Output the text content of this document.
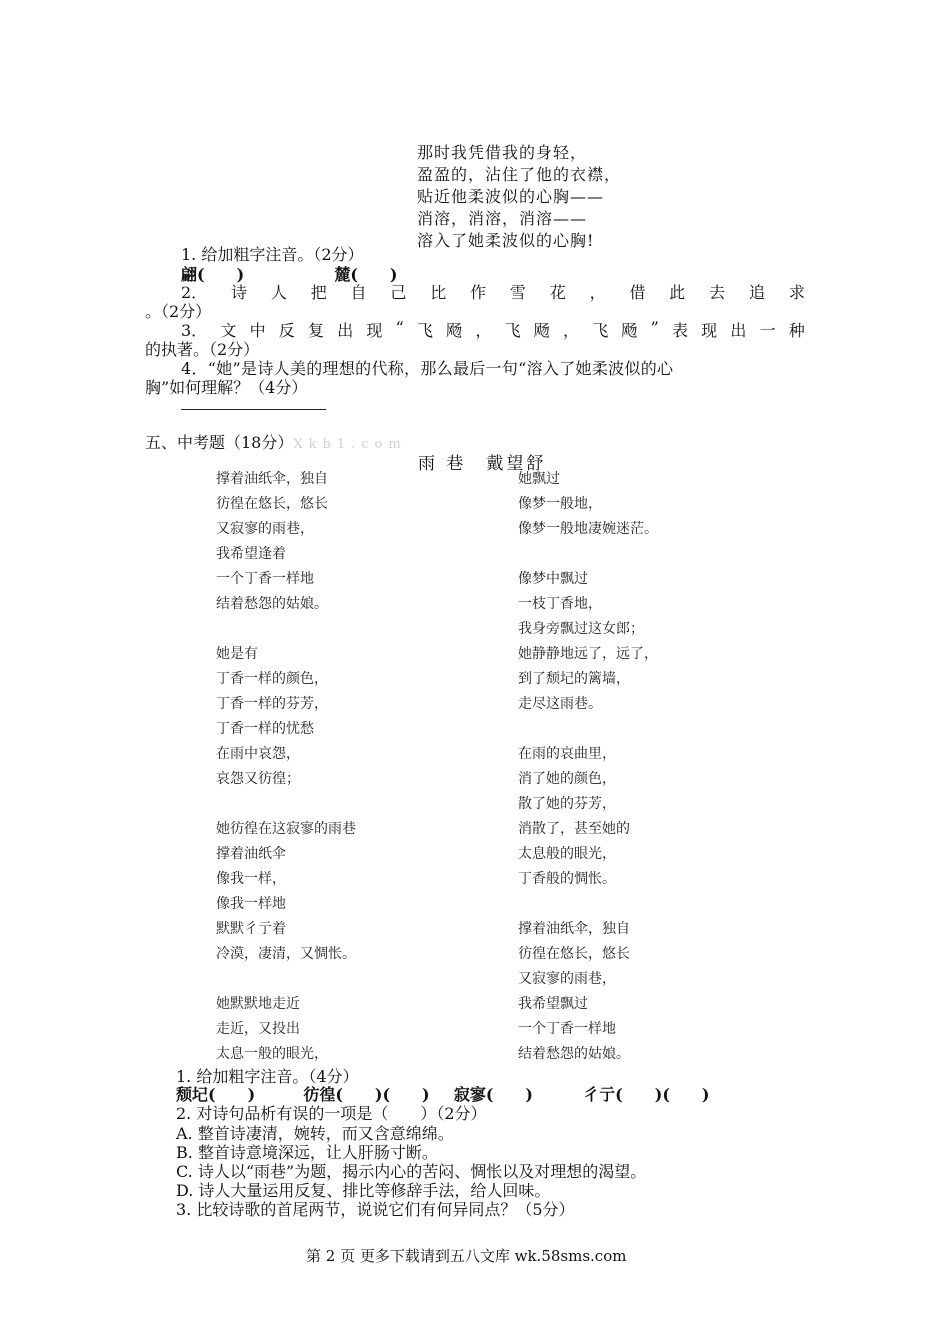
那时我凭借我的身轻，
盈盈的，沾住了他的衣襟，
贴近他柔波似的心胸——
消溶，消溶，消溶——
溶入了她柔波似的心胸!
1. 给加粗字注音。（2分）
翩(　　)	麓(　　)
2． 诗 人 把 自 己 比 作 雪 花 ， 借 此 去 追 求
。（2分）
3． 文 中 反 复 出 现 “ 飞 飏 ， 飞 飏 ， 飞 飏 ” 表 现 出 一 种
的执著。（2分）
4．“她”是诗人美的理想的代称，那么最后一句“溶入了她柔波似的心
胸”如何理解？（4分）
五、中考题（18分）Xkb1.com
雨 巷　戴望舒
撑着油纸伞，独自
彷徨在悠长，悠长
又寂寥的雨巷，
我希望逢着
一个丁香一样地
结着愁怨的姑娘。
她是有
丁香一样的颜色，
丁香一样的芬芳，
丁香一样的忧愁
在雨中哀怨，
哀怨又彷徨；
她彷徨在这寂寥的雨巷
撑着油纸伞
像我一样，
像我一样地
默默彳亍着
冷漠，凄清，又惆怅。
她默默地走近
走近，又投出
太息一般的眼光，
她飘过
像梦一般地，
像梦一般地凄婉迷茫。
像梦中飘过
一枝丁香地，
我身旁飘过这女郎；
她静静地远了，远了，
到了颓圮的篱墙，
走尽这雨巷。
在雨的哀曲里，
消了她的颜色，
散了她的芬芳，
消散了，甚至她的
太息般的眼光，
丁香般的惆怅。
撑着油纸伞，独自
彷徨在悠长，悠长
又寂寥的雨巷，
我希望飘过
一个丁香一样地
结着愁怨的姑娘。
1. 给加粗字注音。（4分）
颓圮(　　)	彷徨(　　)(　　) 寂寥(　　)	彳亍(　　)(　　)
2. 对诗句品析有误的一项是（　　）（2分）
A. 整首诗凄清，婉转，而又含意绵绵。
B. 整首诗意境深远，让人肝肠寸断。
C. 诗人以“雨巷”为题，揭示内心的苦闷、惆怅以及对理想的渴望。
D. 诗人大量运用反复、排比等修辞手法，给人回味。
3. 比较诗歌的首尾两节，说说它们有何异同点？（5分）
第 2 页 更多下载请到五八文库 wk.58sms.com
